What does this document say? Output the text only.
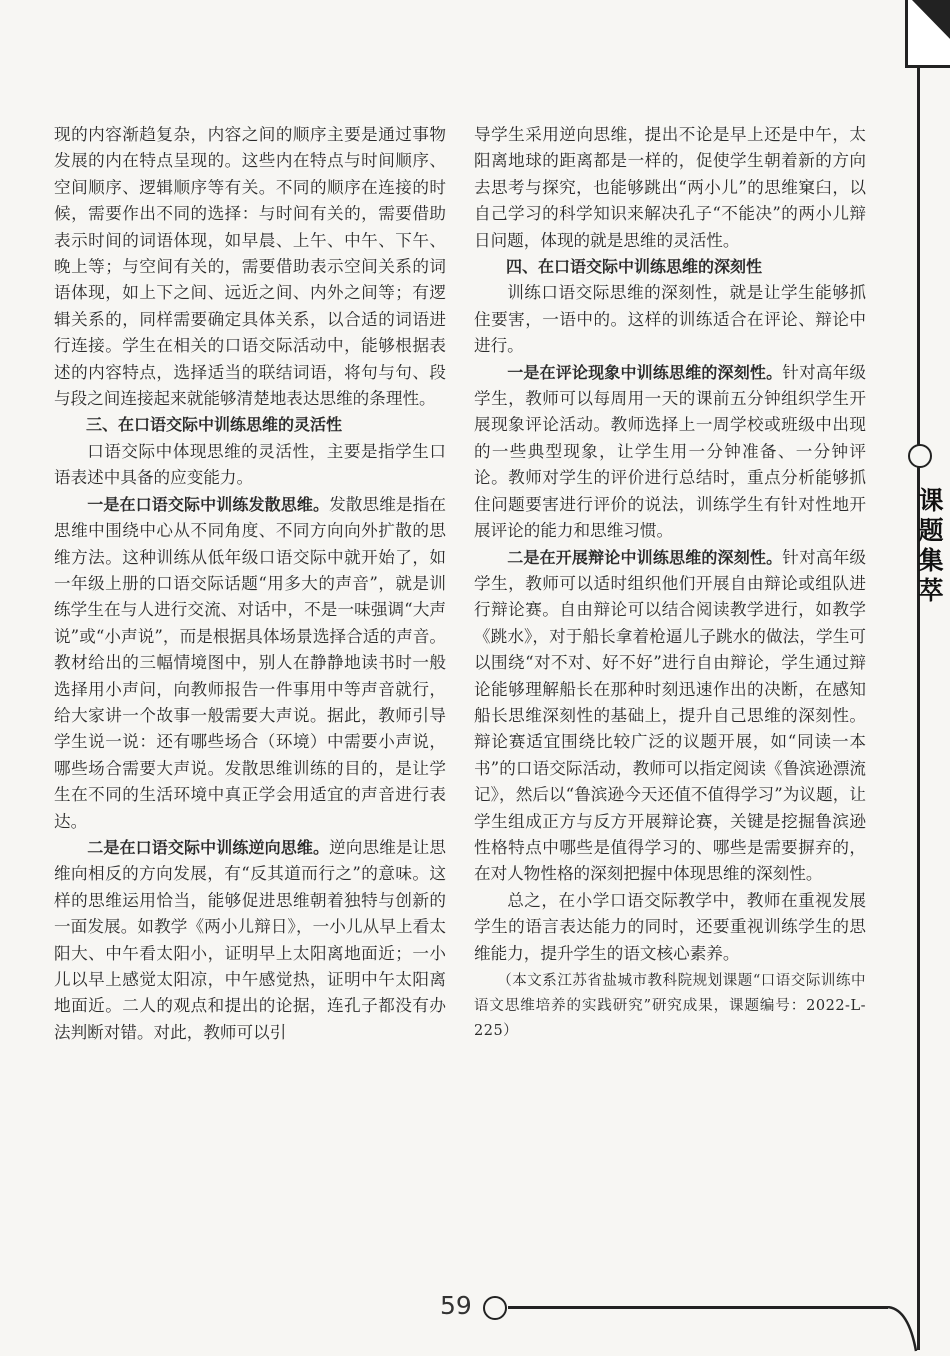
课
题
集
萃

现的内容渐趋复杂，内容之间的顺序主要是通过事物发展的内在特点呈现的。这些内在特点与时间顺序、空间顺序、逻辑顺序等有关。不同的顺序在连接的时候，需要作出不同的选择：与时间有关的，需要借助表示时间的词语体现，如早晨、上午、中午、下午、晚上等；与空间有关的，需要借助表示空间关系的词语体现，如上下之间、远近之间、内外之间等；有逻辑关系的，同样需要确定具体关系，以合适的词语进行连接。学生在相关的口语交际活动中，能够根据表述的内容特点，选择适当的联结词语，将句与句、段与段之间连接起来就能够清楚地表达思维的条理性。

三、在口语交际中训练思维的灵活性

口语交际中体现思维的灵活性，主要是指学生口语表述中具备的应变能力。

一是在口语交际中训练发散思维。发散思维是指在思维中围绕中心从不同角度、不同方向向外扩散的思维方法。这种训练从低年级口语交际中就开始了，如一年级上册的口语交际话题“用多大的声音”，就是训练学生在与人进行交流、对话中，不是一味强调“大声说”或“小声说”，而是根据具体场景选择合适的声音。教材给出的三幅情境图中，别人在静静地读书时一般选择用小声问，向教师报告一件事用中等声音就行，给大家讲一个故事一般需要大声说。据此，教师引导学生说一说：还有哪些场合（环境）中需要小声说，哪些场合需要大声说。发散思维训练的目的，是让学生在不同的生活环境中真正学会用适宜的声音进行表达。

二是在口语交际中训练逆向思维。逆向思维是让思维向相反的方向发展，有“反其道而行之”的意味。这样的思维运用恰当，能够促进思维朝着独特与创新的一面发展。如教学《两小儿辩日》，一小儿从早上看太阳大、中午看太阳小，证明早上太阳离地面近；一小儿以早上感觉太阳凉，中午感觉热，证明中午太阳离地面近。二人的观点和提出的论据，连孔子都没有办法判断对错。对此，教师可以引

导学生采用逆向思维，提出不论是早上还是中午，太阳离地球的距离都是一样的，促使学生朝着新的方向去思考与探究，也能够跳出“两小儿”的思维窠臼，以自己学习的科学知识来解决孔子“不能决”的两小儿辩日问题，体现的就是思维的灵活性。

四、在口语交际中训练思维的深刻性

训练口语交际思维的深刻性，就是让学生能够抓住要害，一语中的。这样的训练适合在评论、辩论中进行。

一是在评论现象中训练思维的深刻性。针对高年级学生，教师可以每周用一天的课前五分钟组织学生开展现象评论活动。教师选择上一周学校或班级中出现的一些典型现象，让学生用一分钟准备、一分钟评论。教师对学生的评价进行总结时，重点分析能够抓住问题要害进行评价的说法，训练学生有针对性地开展评论的能力和思维习惯。

二是在开展辩论中训练思维的深刻性。针对高年级学生，教师可以适时组织他们开展自由辩论或组队进行辩论赛。自由辩论可以结合阅读教学进行，如教学《跳水》，对于船长拿着枪逼儿子跳水的做法，学生可以围绕“对不对、好不好”进行自由辩论，学生通过辩论能够理解船长在那种时刻迅速作出的决断，在感知船长思维深刻性的基础上，提升自己思维的深刻性。辩论赛适宜围绕比较广泛的议题开展，如“同读一本书”的口语交际活动，教师可以指定阅读《鲁滨逊漂流记》，然后以“鲁滨逊今天还值不值得学习”为议题，让学生组成正方与反方开展辩论赛，关键是挖掘鲁滨逊性格特点中哪些是值得学习的、哪些是需要摒弃的，在对人物性格的深刻把握中体现思维的深刻性。

总之，在小学口语交际教学中，教师在重视发展学生的语言表达能力的同时，还要重视训练学生的思维能力，提升学生的语文核心素养。

（本文系江苏省盐城市教科院规划课题“口语交际训练中语文思维培养的实践研究”研究成果，课题编号：2022-L-225）

59
